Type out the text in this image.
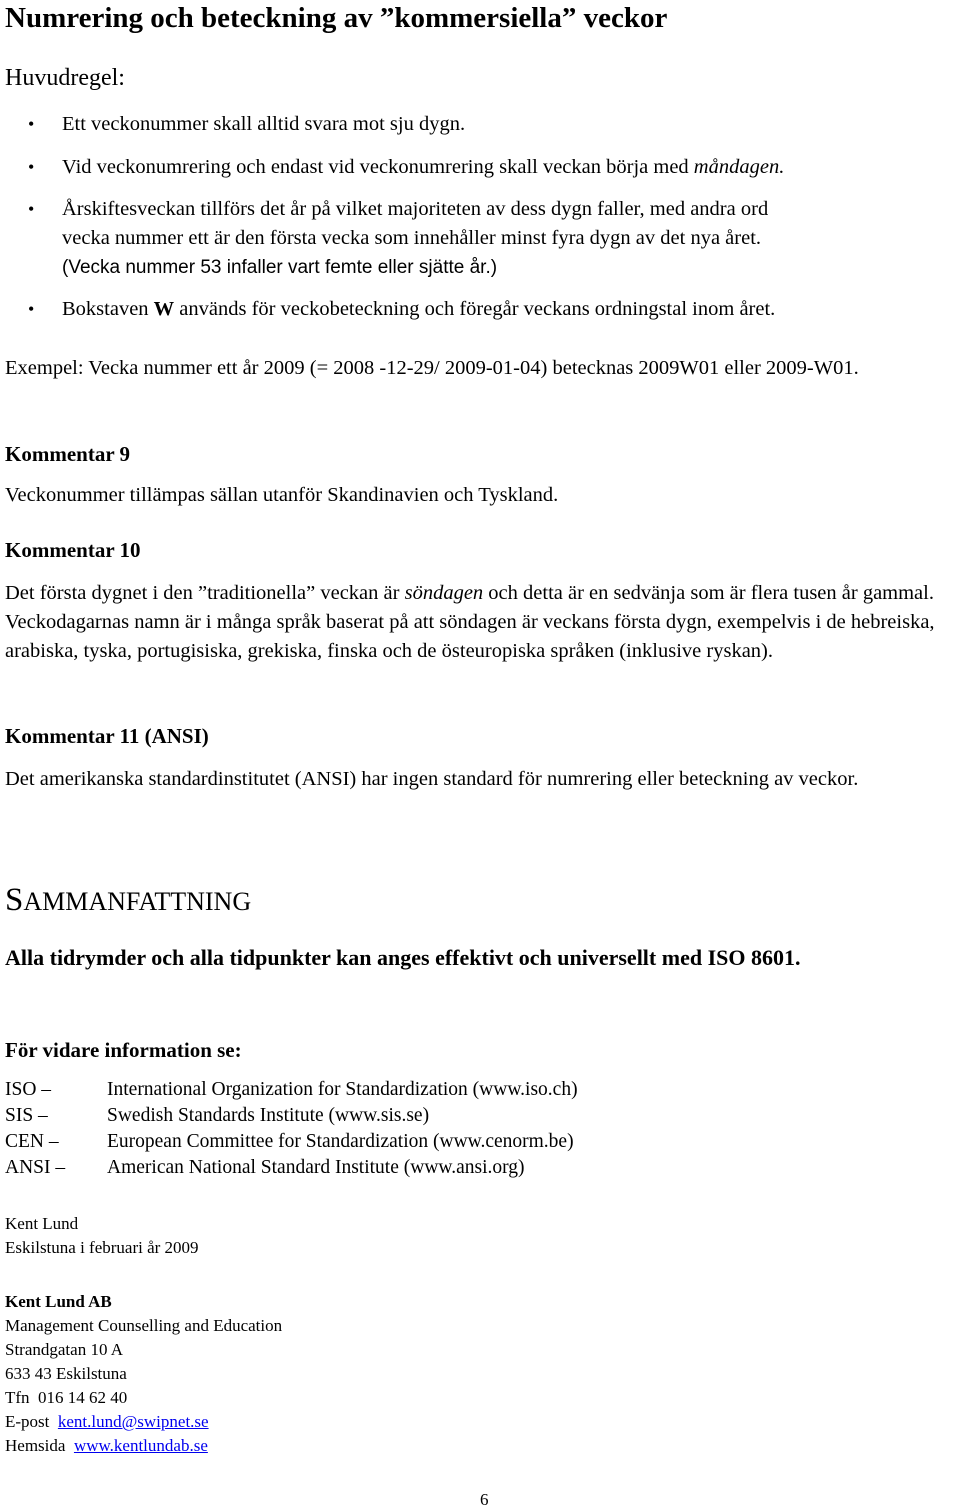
Numrering och beteckning av ”kommersiella” veckor
Huvudregel:
• Ett veckonummer skall alltid svara mot sju dygn.
• Vid veckonumrering och endast vid veckonumrering skall veckan börja med måndagen.
• Årskiftesveckan tillförs det år på vilket majoriteten av dess dygn faller, med andra ord
vecka nummer ett är den första vecka som innehåller minst fyra dygn av det nya året.
(Vecka nummer 53 infaller vart femte eller sjätte år.)
• Bokstaven W används för veckobeteckning och föregår veckans ordningstal inom året.
Exempel: Vecka nummer ett år 2009 (= 2008 -12-29/ 2009-01-04) betecknas 2009W01 eller 2009-W01.
Kommentar 9
Veckonummer tillämpas sällan utanför Skandinavien och Tyskland.
Kommentar 10
Det första dygnet i den ”traditionella” veckan är söndagen och detta är en sedvänja som är flera tusen år gammal. Veckodagarnas namn är i många språk baserat på att söndagen är veckans första dygn, exempelvis i de hebreiska, arabiska, tyska, portugisiska, grekiska, finska och de östeuropiska språken (inklusive ryskan).
Kommentar 11 (ANSI)
Det amerikanska standardinstitutet (ANSI) har ingen standard för numrering eller beteckning av veckor.
SAMMANFATTNING
Alla tidrymder och alla tidpunkter kan anges effektivt och universellt med ISO 8601.
För vidare information se:
ISO –	International Organization for Standardization (www.iso.ch)
SIS –	Swedish Standards Institute (www.sis.se)
CEN –	European Committee for Standardization (www.cenorm.be)
ANSI –	American National Standard Institute (www.ansi.org)
Kent Lund
Eskilstuna i februari år 2009
Kent Lund AB
Management Counselling and Education
Strandgatan 10 A
633 43 Eskilstuna
Tfn 016 14 62 40
E-post kent.lund@swipnet.se
Hemsida www.kentlundab.se
6
